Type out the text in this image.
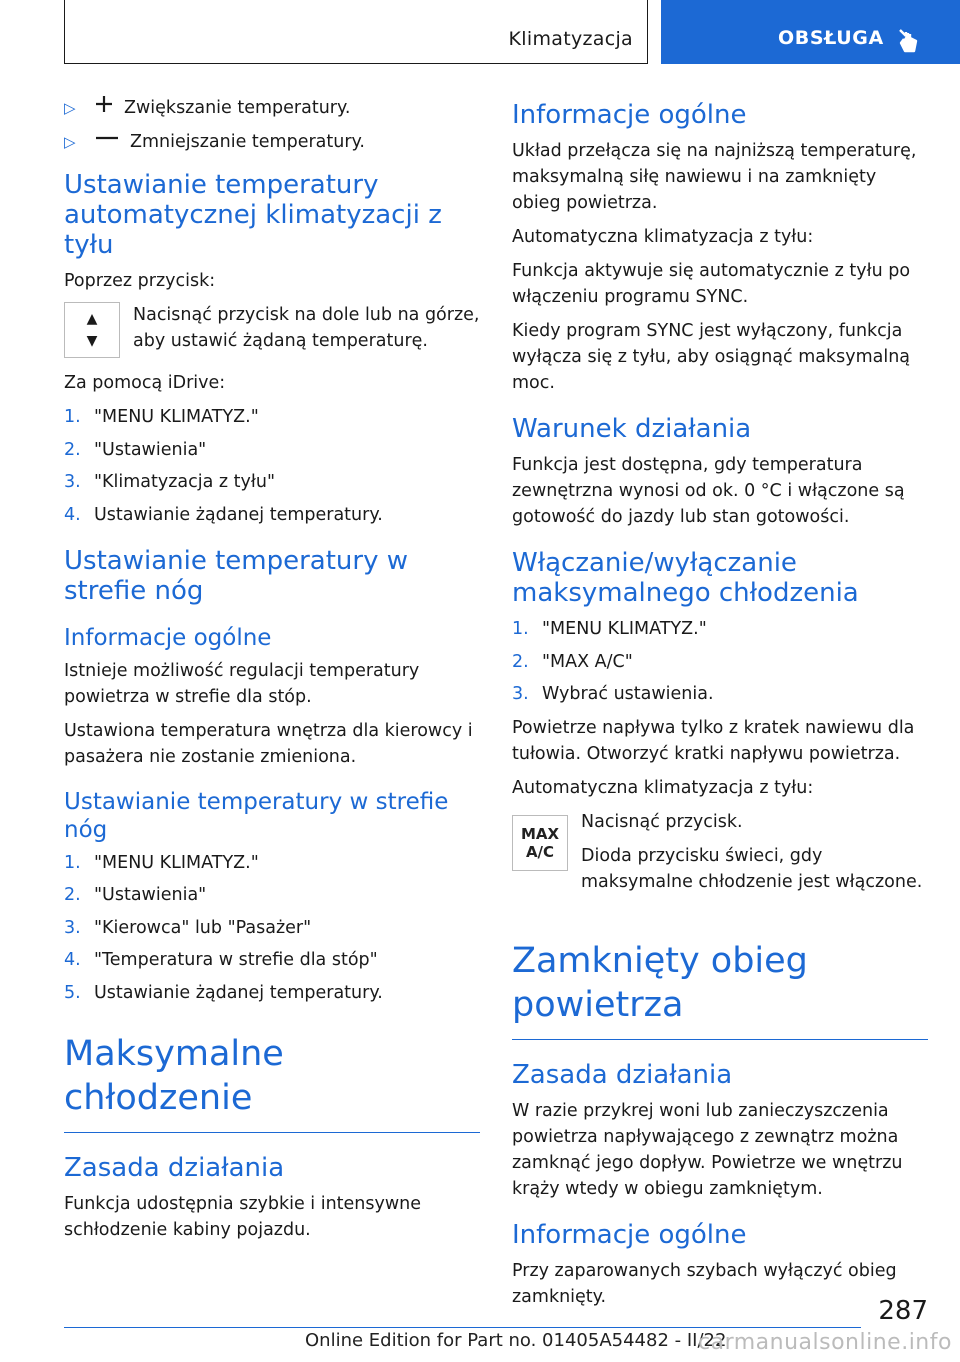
Klimatyzacja	OBSŁUGA
▷	Zwiększanie temperatury.
▷	Zmniejszanie temperatury.
Ustawianie temperatury automatycznej klimatyzacji z tyłu

Poprzez przycisk:

▲
▼

Nacisnąć przycisk na dole lub na górze, aby ustawić żądaną temperaturę.

Za pomocą iDrive:

1. "MENU KLIMATYZ."
2. "Ustawienia"
3. "Klimatyzacja z tyłu"
4. Ustawianie żądanej temperatury.
Ustawianie temperatury w strefie nóg
Informacje ogólne

Istnieje możliwość regulacji temperatury powietrza w strefie dla stóp.

Ustawiona temperatura wnętrza dla kierowcy i pasażera nie zostanie zmieniona.

Ustawianie temperatury w strefie nóg
1. "MENU KLIMATYZ."
2. "Ustawienia"
3. "Kierowca" lub "Pasażer"
4. "Temperatura w strefie dla stóp"
5. Ustawianie żądanej temperatury.
Maksymalne chłodzenie
Zasada działania

Funkcja udostępnia szybkie i intensywne schłodzenie kabiny pojazdu.

Informacje ogólne

Układ przełącza się na najniższą temperaturę, maksymalną siłę nawiewu i na zamknięty obieg powietrza.

Automatyczna klimatyzacja z tyłu:

Funkcja aktywuje się automatycznie z tyłu po włączeniu programu SYNC.

Kiedy program SYNC jest wyłączony, funkcja wyłącza się z tyłu, aby osiągnąć maksymalną moc.

Warunek działania

Funkcja jest dostępna, gdy temperatura zewnętrzna wynosi od ok. 0 °C i włączone są gotowość do jazdy lub stan gotowości.

Włączanie/wyłączanie maksymalnego chłodzenia
1. "MENU KLIMATYZ."
2. "MAX A/C"
3. Wybrać ustawienia.

Powietrze napływa tylko z kratek nawiewu dla tułowia. Otworzyć kratki napływu powietrza.

Automatyczna klimatyzacja z tyłu:

MAX
A/C

Nacisnąć przycisk.

Dioda przycisku świeci, gdy maksymalne chłodzenie jest włączone.

Zamknięty obieg powietrza
Zasada działania

W razie przykrej woni lub zanieczyszczenia powietrza napływającego z zewnątrz można zamknąć jego dopływ. Powietrze we wnętrzu krąży wtedy w obiegu zamkniętym.

Informacje ogólne

Przy zaparowanych szybach wyłączyć obieg zamknięty.	287
Online Edition for Part no. 01405A54482 - II/22
carmanualsonline.info
